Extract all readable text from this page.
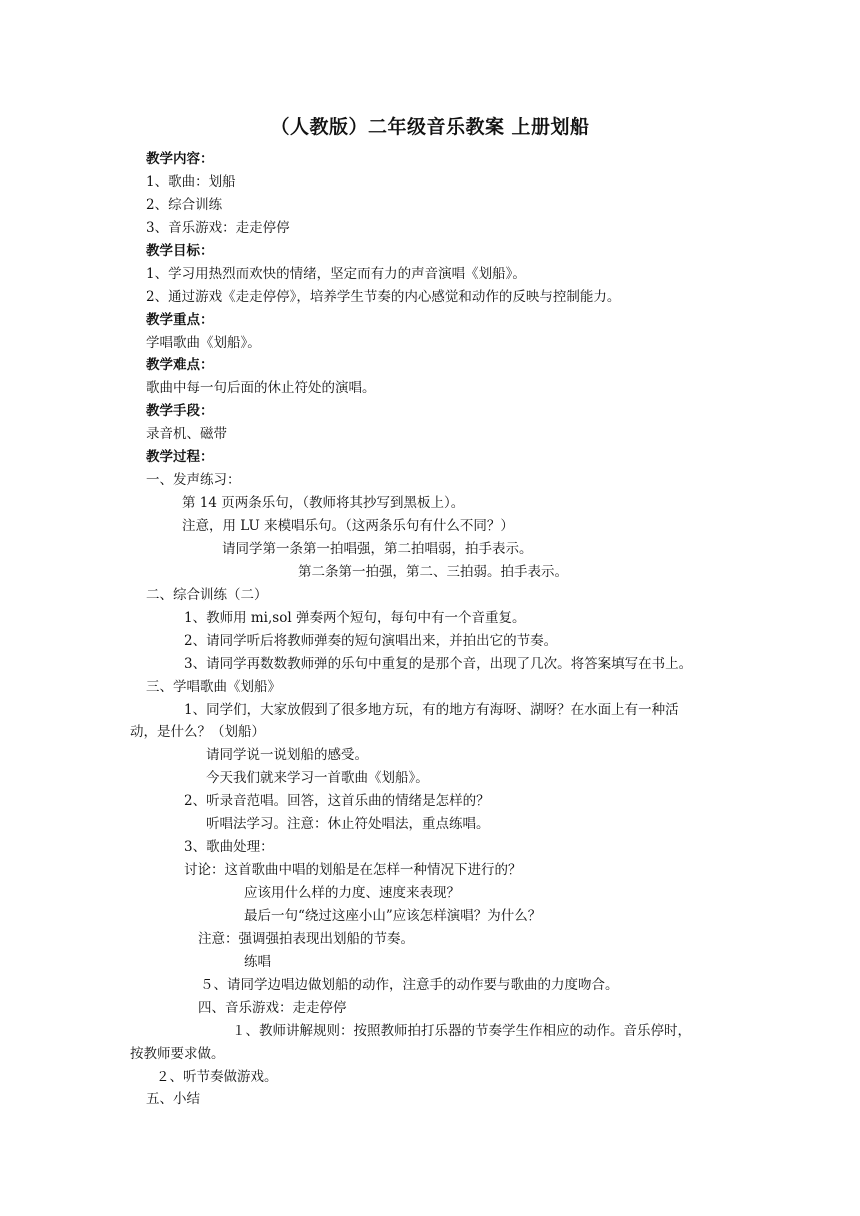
（人教版）二年级音乐教案 上册划船
教学内容：
1、歌曲：划船
2、综合训练
3、音乐游戏：走走停停
教学目标：
1、学习用热烈而欢快的情绪，坚定而有力的声音演唱《划船》。
2、通过游戏《走走停停》，培养学生节奏的内心感觉和动作的反映与控制能力。
教学重点：
学唱歌曲《划船》。
教学难点：
歌曲中每一句后面的休止符处的演唱。
教学手段：
录音机、磁带
教学过程：
一、发声练习：
第 14 页两条乐句，（教师将其抄写到黑板上）。
注意，用 LU 来模唱乐句。（这两条乐句有什么不同？）
请同学第一条第一拍唱强，第二拍唱弱，拍手表示。
第二条第一拍强，第二、三拍弱。拍手表示。
二、综合训练（二）
1、教师用 mi,sol 弹奏两个短句，每句中有一个音重复。
2、请同学听后将教师弹奏的短句演唱出来，并拍出它的节奏。
3、请同学再数数教师弹的乐句中重复的是那个音，出现了几次。将答案填写在书上。
三、学唱歌曲《划船》
1、同学们，大家放假到了很多地方玩，有的地方有海呀、湖呀？在水面上有一种活
动，是什么？（划船）
请同学说一说划船的感受。
今天我们就来学习一首歌曲《划船》。
2、听录音范唱。回答，这首乐曲的情绪是怎样的？
听唱法学习。注意：休止符处唱法，重点练唱。
3、歌曲处理：
讨论：这首歌曲中唱的划船是在怎样一种情况下进行的？
应该用什么样的力度、速度来表现？
最后一句“绕过这座小山”应该怎样演唱？为什么？
注意：强调强拍表现出划船的节奏。
练唱
５、请同学边唱边做划船的动作，注意手的动作要与歌曲的力度吻合。
四、音乐游戏：走走停停
１、教师讲解规则：按照教师拍打乐器的节奏学生作相应的动作。音乐停时，
按教师要求做。
２、听节奏做游戏。
五、小结
